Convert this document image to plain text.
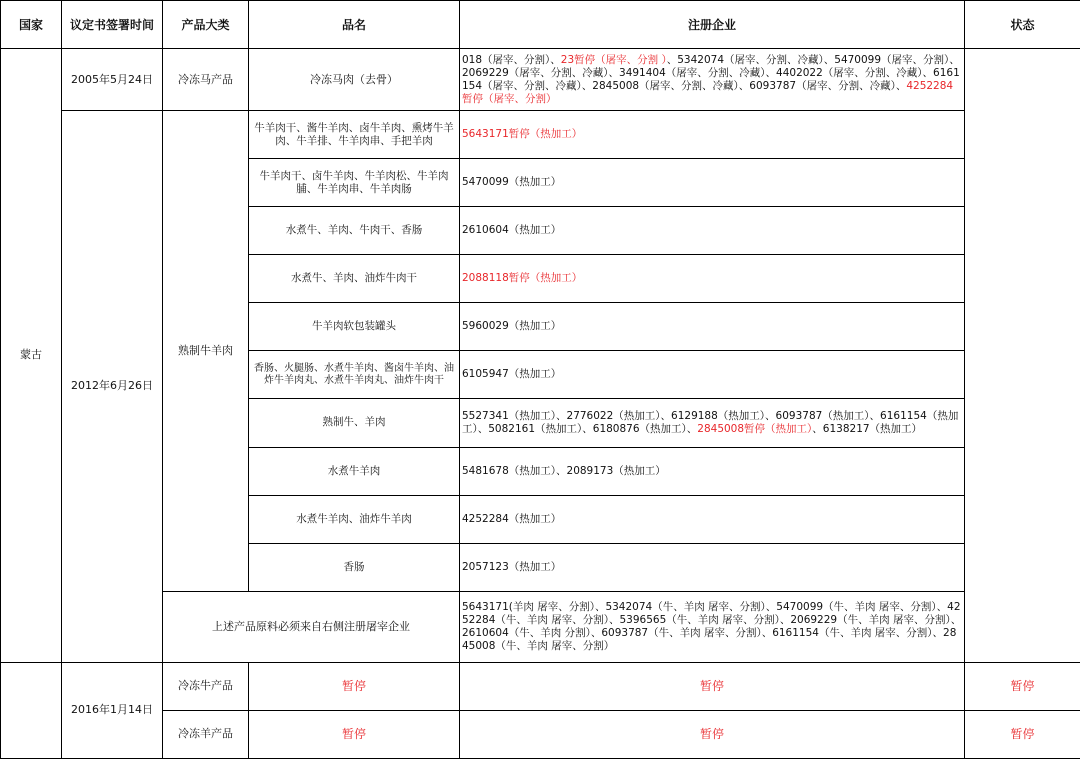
国家	议定书签署时间	产品大类	品名	注册企业	状态
蒙古	2005年5月24日	冷冻马产品	冷冻马肉（去骨）	018（屠宰、分割）、23暂停（屠宰、分割 ）、5342074（屠宰、分割、冷藏）、5470099（屠宰、分割）、2069229（屠宰、分割、冷藏）、3491404（屠宰、分割、冷藏）、4402022（屠宰、分割、冷藏）、6161154（屠宰、分割、冷藏）、2845008（屠宰、分割、冷藏）、6093787（屠宰、分割、冷藏）、4252284暂停（屠宰、分割）	
	2012年6月26日	熟制牛羊肉	牛羊肉干、酱牛羊肉、卤牛羊肉、熏烤牛羊肉、牛羊排、牛羊肉串、手把羊肉	5643171暂停（热加工）	
			牛羊肉干、卤牛羊肉、牛羊肉松、牛羊肉脯、牛羊肉串、牛羊肉肠	5470099（热加工）	
			水煮牛、羊肉、牛肉干、香肠	2610604（热加工）	
			水煮牛、羊肉、油炸牛肉干	2088118暂停（热加工）	
			牛羊肉软包装罐头	5960029（热加工）	
			香肠、火腿肠、水煮牛羊肉、酱卤牛羊肉、油炸牛羊肉丸、水煮牛羊肉丸、油炸牛肉干	6105947（热加工）	
			熟制牛、羊肉	5527341（热加工）、2776022（热加工）、6129188（热加工）、6093787（热加工）、6161154（热加工）、5082161（热加工）、6180876（热加工）、2845008暂停（热加工）、6138217（热加工）	
			水煮牛羊肉	5481678（热加工）、2089173（热加工）	
			水煮牛羊肉、油炸牛羊肉	4252284（热加工）	
			香肠	2057123（热加工）	
		上述产品原料必须来自右侧注册屠宰企业		5643171(羊肉 屠宰、分割）、5342074（牛、羊肉 屠宰、分割）、5470099（牛、羊肉 屠宰、分割）、4252284（牛、羊肉 屠宰、分割）、5396565（牛、羊肉 屠宰、分割）、2069229（牛、羊肉 屠宰、分割）、2610604（牛、羊肉 分割）、6093787（牛、羊肉 屠宰、分割）、6161154（牛、羊肉 屠宰、分割）、2845008（牛、羊肉 屠宰、分割）	
	2016年1月14日	冷冻牛产品	暂停	暂停	暂停
		冷冻羊产品	暂停	暂停	暂停
